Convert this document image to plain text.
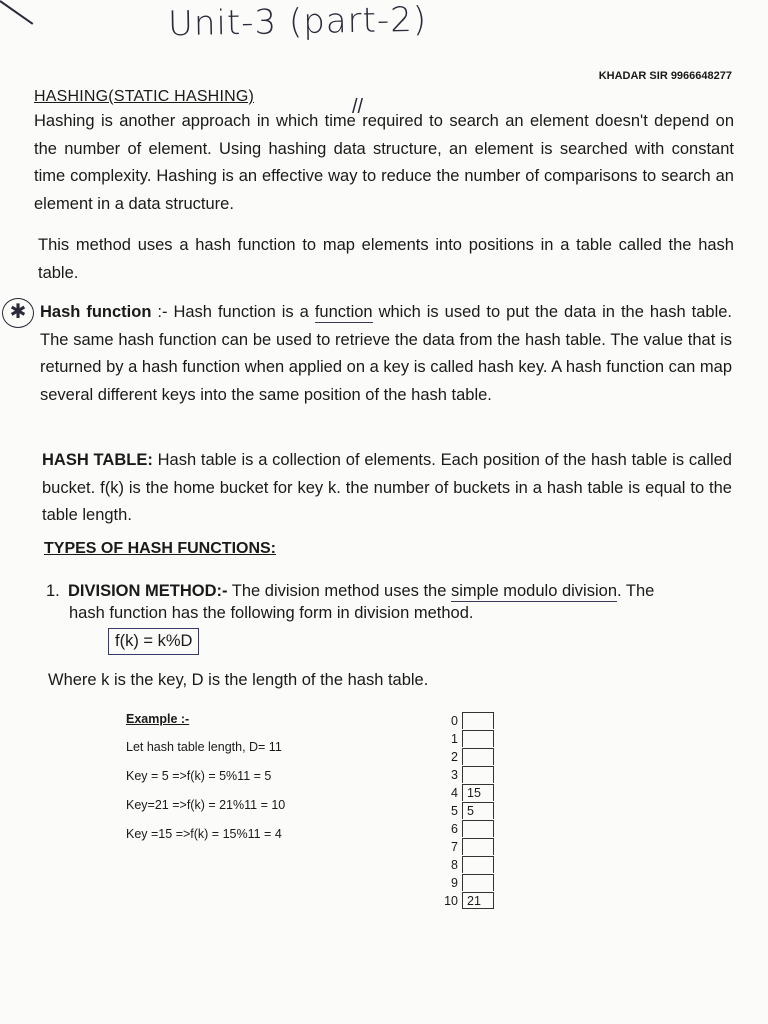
Unit-3 (part-2)
//
KHADAR SIR 9966648277
HASHING(STATIC HASHING)
Hashing is another approach in which time required to search an element doesn't depend on the number of element. Using hashing data structure, an element is searched with constant time complexity. Hashing is an effective way to reduce the number of comparisons to search an element in a data structure.
This method uses a hash function to map elements into positions in a table called the hash table.
✱ Hash function :- Hash function is a function which is used to put the data in the hash table. The same hash function can be used to retrieve the data from the hash table. The value that is returned by a hash function when applied on a key is called hash key. A hash function can map several different keys into the same position of the hash table.
HASH TABLE: Hash table is a collection of elements. Each position of the hash table is called bucket. f(k) is the home bucket for key k. the number of buckets in a hash table is equal to the table length.
TYPES OF HASH FUNCTIONS:
1. DIVISION METHOD:- The division method uses the simple modulo division. The
hash function has the following form in division method.
f(k) = k%D
Where k is the key, D is the length of the hash table.
Example :-
Let hash table length, D= 11
Key = 5 =>f(k) = 5%11 = 5
Key=21 =>f(k) = 21%11 = 10
Key =15 =>f(k) = 15%11 = 4
0
1
2
3
4 15
5 5
6
7
8
9
10 21
